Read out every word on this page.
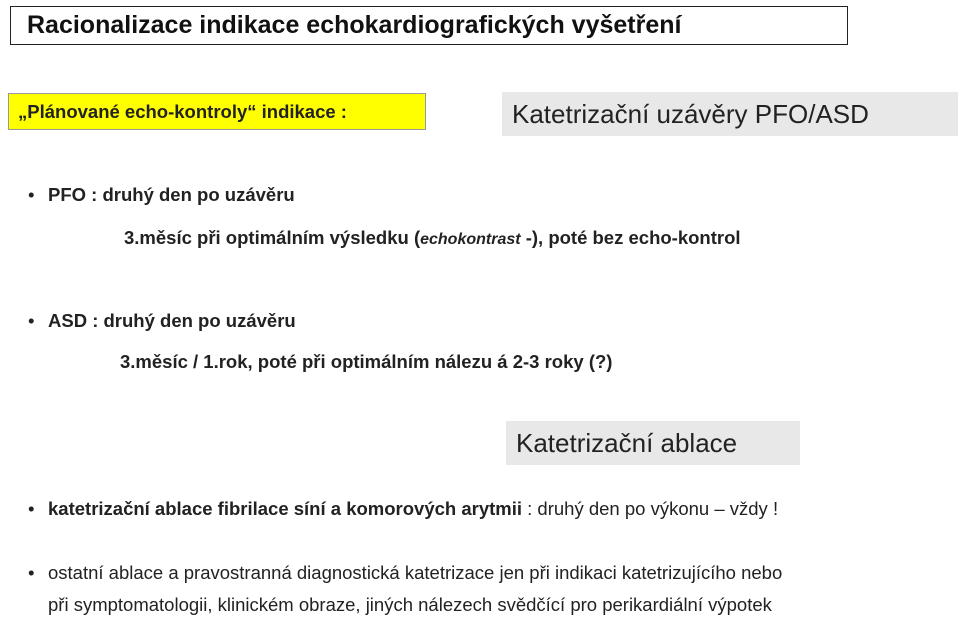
Racionalizace indikace echokardiografických vyšetření
„Plánované echo-kontroly“ indikace :	Katetrizační uzávěry PFO/ASD
• PFO : druhý den po uzávěru
3.měsíc při optimálním výsledku (echokontrast -), poté bez echo-kontrol
• ASD : druhý den po uzávěru
3.měsíc / 1.rok, poté při optimálním nálezu á 2-3 roky (?)
Katetrizační ablace
• katetrizační ablace fibrilace síní a komorových arytmii : druhý den po výkonu – vždy !
• ostatní ablace a pravostranná diagnostická katetrizace jen při indikaci katetrizujícího nebo
při symptomatologii, klinickém obraze, jiných nálezech svědčící pro perikardiální výpotek
